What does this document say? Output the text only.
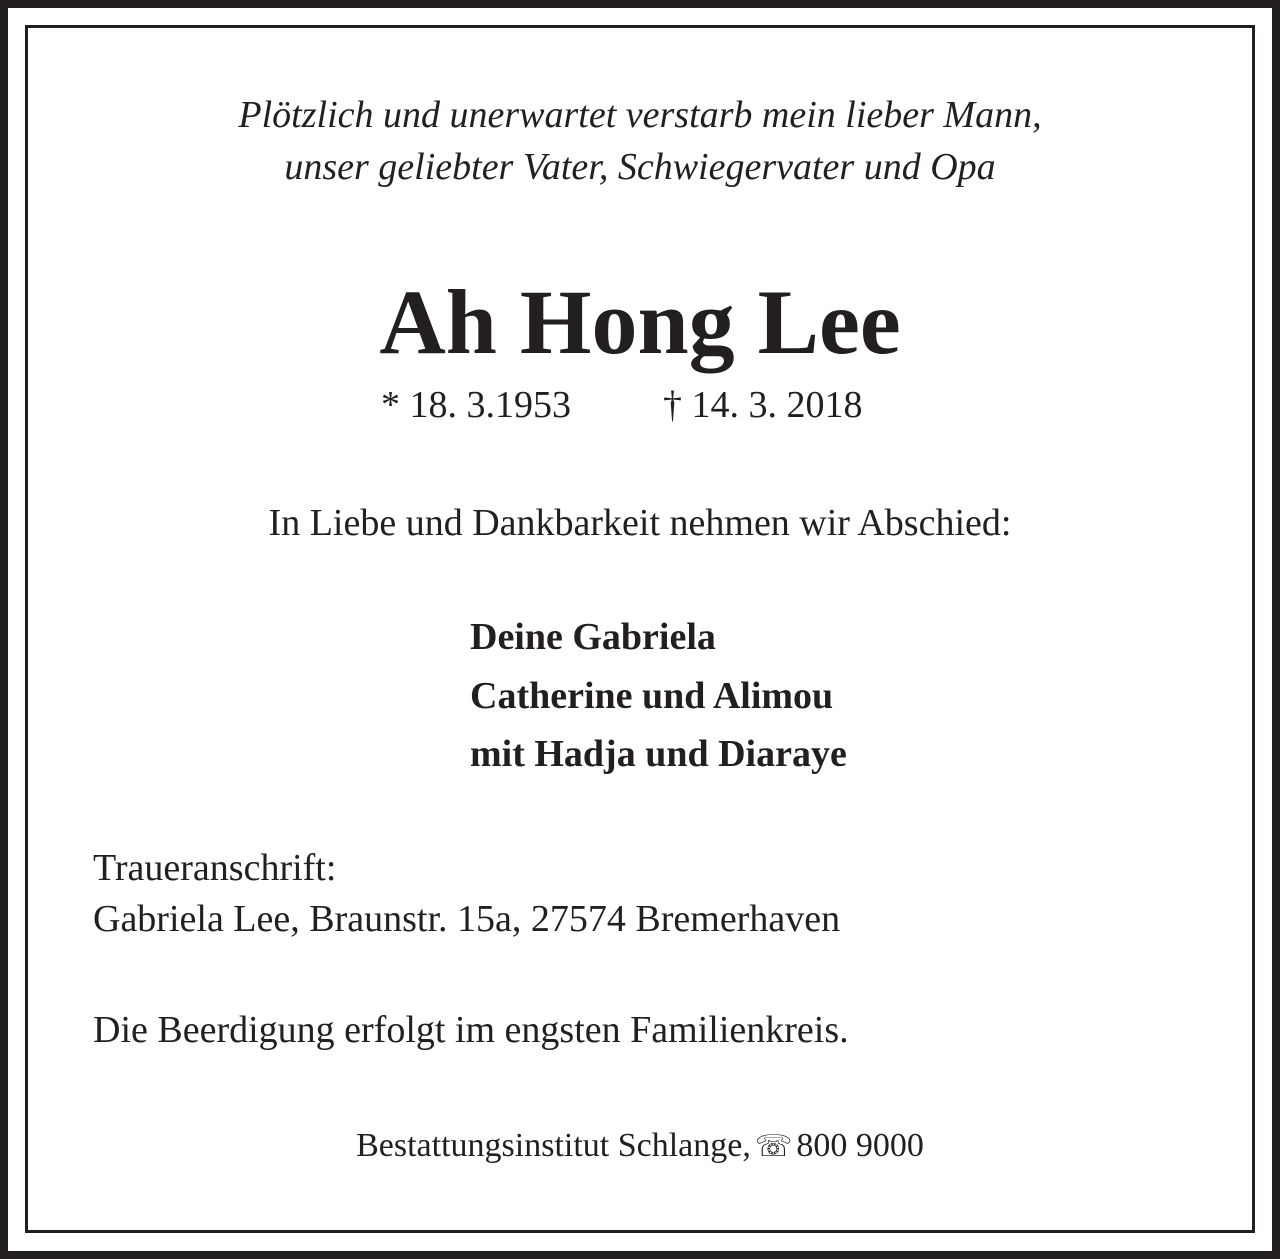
Plötzlich und unerwartet verstarb mein lieber Mann,

unser geliebter Vater, Schwiegervater und Opa

Ah Hong Lee
* 18. 3.1953 † 14. 3. 2018

In Liebe und Dankbarkeit nehmen wir Abschied:

Deine Gabriela

Catherine und Alimou

mit Hadja und Diaraye

Traueranschrift:

Gabriela Lee, Braunstr. 15a, 27574 Bremerhaven

Die Beerdigung erfolgt im engsten Familienkreis.

Bestattungsinstitut Schlange, ☏ 800 9000
